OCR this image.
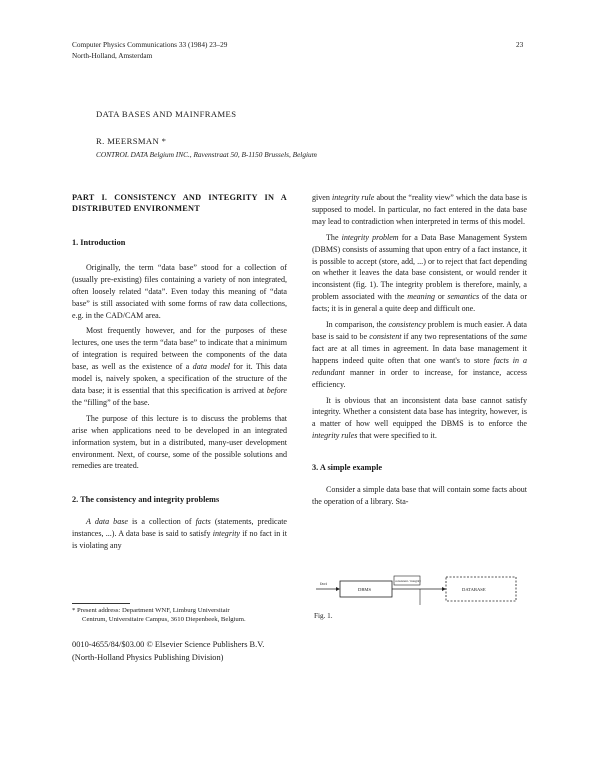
Computer Physics Communications 33 (1984) 23–29
North-Holland, Amsterdam
23
DATA BASES AND MAINFRAMES
R. MEERSMAN *
CONTROL DATA Belgium INC., Ravenstraat 50, B-1150 Brussels, Belgium
PART I. CONSISTENCY AND INTEGRITY IN A DISTRIBUTED ENVIRONMENT
1. Introduction

Originally, the term “data base” stood for a collection of (usually pre-existing) files containing a variety of non integrated, often loosely related “data”. Even today this meaning of “data base” is still associated with some forms of raw data collections, e.g. in the CAD/CAM area.

Most frequently however, and for the purposes of these lectures, one uses the term “data base” to indicate that a minimum of integration is required between the components of the data base, as well as the existence of a data model for it. This data model is, naively spoken, a specification of the structure of the data base; it is essential that this specification is arrived at before the “filling” of the base.

The purpose of this lecture is to discuss the problems that arise when applications need to be developed in an integrated information system, but in a distributed, many-user development environment. Next, of course, some of the possible solutions and remedies are treated.

2. The consistency and integrity problems

A data base is a collection of facts (statements, predicate instances, ...). A data base is said to satisfy integrity if no fact in it is violating any

* Present address: Department WNF, Limburg Universitair
Centrum, Universitaire Campus, 3610 Diepenbeek, Belgium.

given integrity rule about the “reality view” which the data base is supposed to model. In particular, no fact entered in the data base may lead to contradiction when interpreted in terms of this model.

The integrity problem for a Data Base Management System (DBMS) consists of assuming that upon entry of a fact instance, it is possible to accept (store, add, ...) or to reject that fact depending on whether it leaves the data base consistent, or would render it inconsistent (fig. 1). The integrity problem is therefore, mainly, a problem associated with the meaning or semantics of the data or facts; it is in general a quite deep and difficult one.

In comparison, the consistency problem is much easier. A data base is said to be consistent if any two representations of the same fact are at all times in agreement. In data base management it happens indeed quite often that one want's to store facts in a redundant manner in order to increase, for instance, access efficiency.

It is obvious that an inconsistent data base cannot satisfy integrity. Whether a consistent data base has integrity, however, is a matter of how well equipped the DBMS is to enforce the integrity rules that were specified to it.

3. A simple example

Consider a simple data base that will contain some facts about the operation of a library. Sta-

fact
DBMS
consistent / integrity
DATABASE
Fig. 1.
0010-4655/84/$03.00 © Elsevier Science Publishers B.V.
(North-Holland Physics Publishing Division)
